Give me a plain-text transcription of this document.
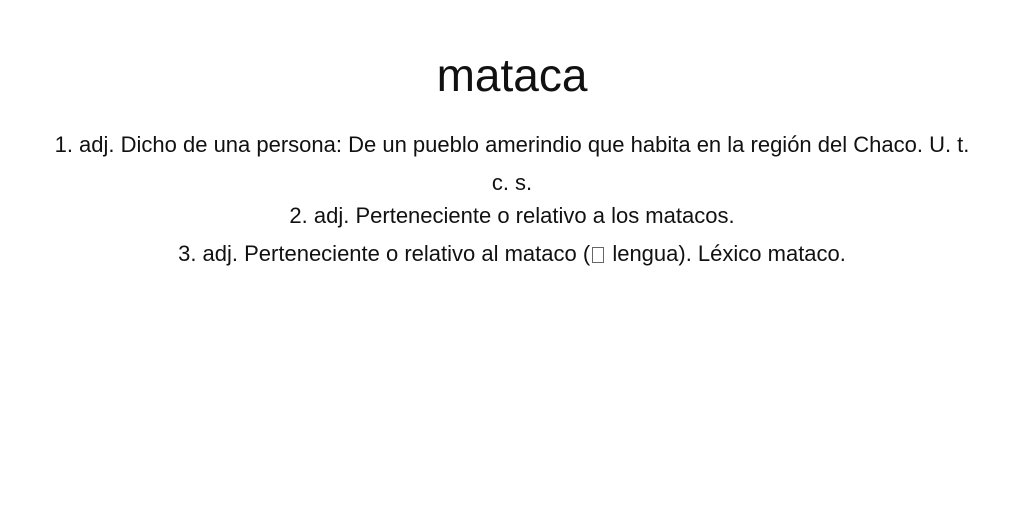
mataca
1. adj. Dicho de una persona: De un pueblo amerindio que habita en la región del Chaco. U. t. c. s.
2. adj. Perteneciente o relativo a los matacos.
3. adj. Perteneciente o relativo al mataco ( lengua). Léxico mataco.
